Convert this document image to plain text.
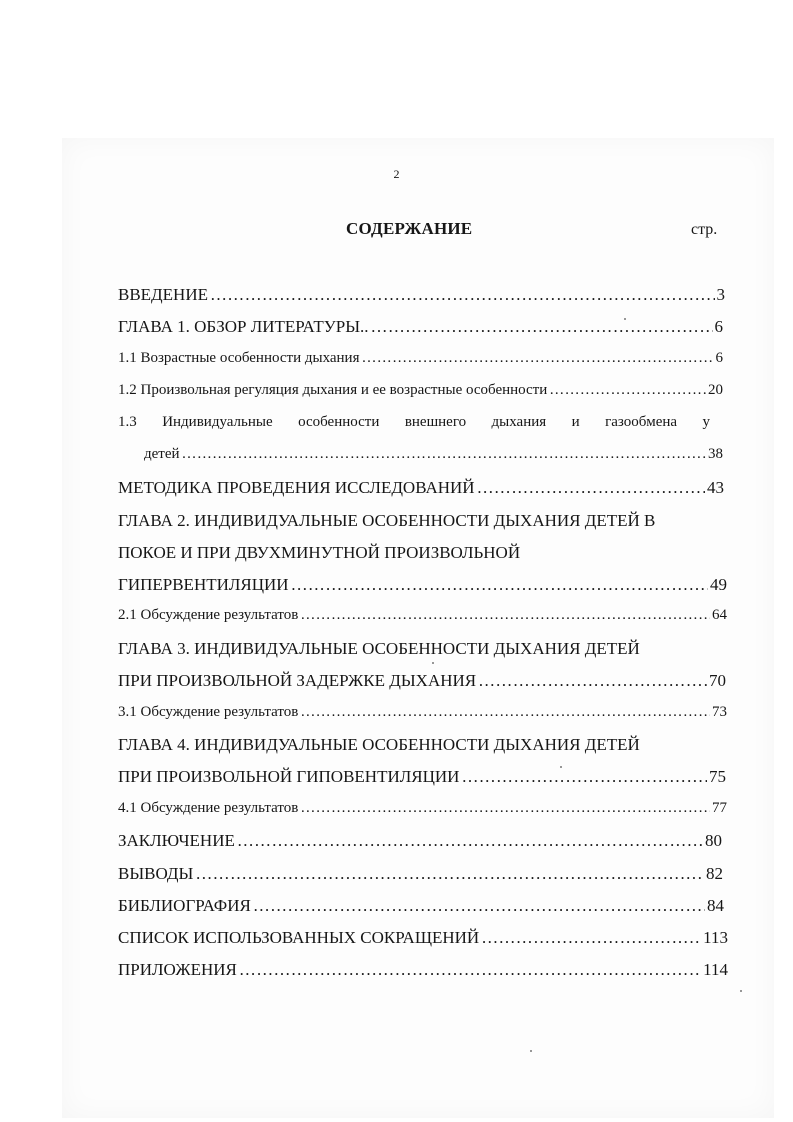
2
СОДЕРЖАНИЕ	стр.
ВВЕДЕНИЕ …………………………………………………………………………………………………………………………………	3
ГЛАВА 1. ОБЗОР ЛИТЕРАТУРЫ.. …………………………………………………………………………………………………………………………………	6
1.1 Возрастные особенности дыхания …………………………………………………………………………………………………………………………………	6
1.2 Произвольная регуляция дыхания и ее возрастные особенности …………………………………………………………………………………………………………………………………	20
1.3 Индивидуальные особенности внешнего дыхания и газообмена у
детей …………………………………………………………………………………………………………………………………	38
МЕТОДИКА ПРОВЕДЕНИЯ ИССЛЕДОВАНИЙ …………………………………………………………………………………………………………………………………	43
ГЛАВА 2. ИНДИВИДУАЛЬНЫЕ ОСОБЕННОСТИ ДЫХАНИЯ ДЕТЕЙ В
ПОКОЕ И ПРИ ДВУХМИНУТНОЙ ПРОИЗВОЛЬНОЙ
ГИПЕРВЕНТИЛЯЦИИ …………………………………………………………………………………………………………………………………	49
2.1 Обсуждение результатов …………………………………………………………………………………………………………………………………	64
ГЛАВА 3. ИНДИВИДУАЛЬНЫЕ ОСОБЕННОСТИ ДЫХАНИЯ ДЕТЕЙ
ПРИ ПРОИЗВОЛЬНОЙ ЗАДЕРЖКЕ ДЫХАНИЯ …………………………………………………………………………………………………………………………………	70
3.1 Обсуждение результатов …………………………………………………………………………………………………………………………………	73
ГЛАВА 4. ИНДИВИДУАЛЬНЫЕ ОСОБЕННОСТИ ДЫХАНИЯ ДЕТЕЙ
ПРИ ПРОИЗВОЛЬНОЙ ГИПОВЕНТИЛЯЦИИ …………………………………………………………………………………………………………………………………	75
4.1 Обсуждение результатов …………………………………………………………………………………………………………………………………	77
ЗАКЛЮЧЕНИЕ …………………………………………………………………………………………………………………………………	80
ВЫВОДЫ …………………………………………………………………………………………………………………………………	82
БИБЛИОГРАФИЯ …………………………………………………………………………………………………………………………………	84
СПИСОК ИСПОЛЬЗОВАННЫХ СОКРАЩЕНИЙ …………………………………………………………………………………………………………………………………	113
ПРИЛОЖЕНИЯ …………………………………………………………………………………………………………………………………	114
